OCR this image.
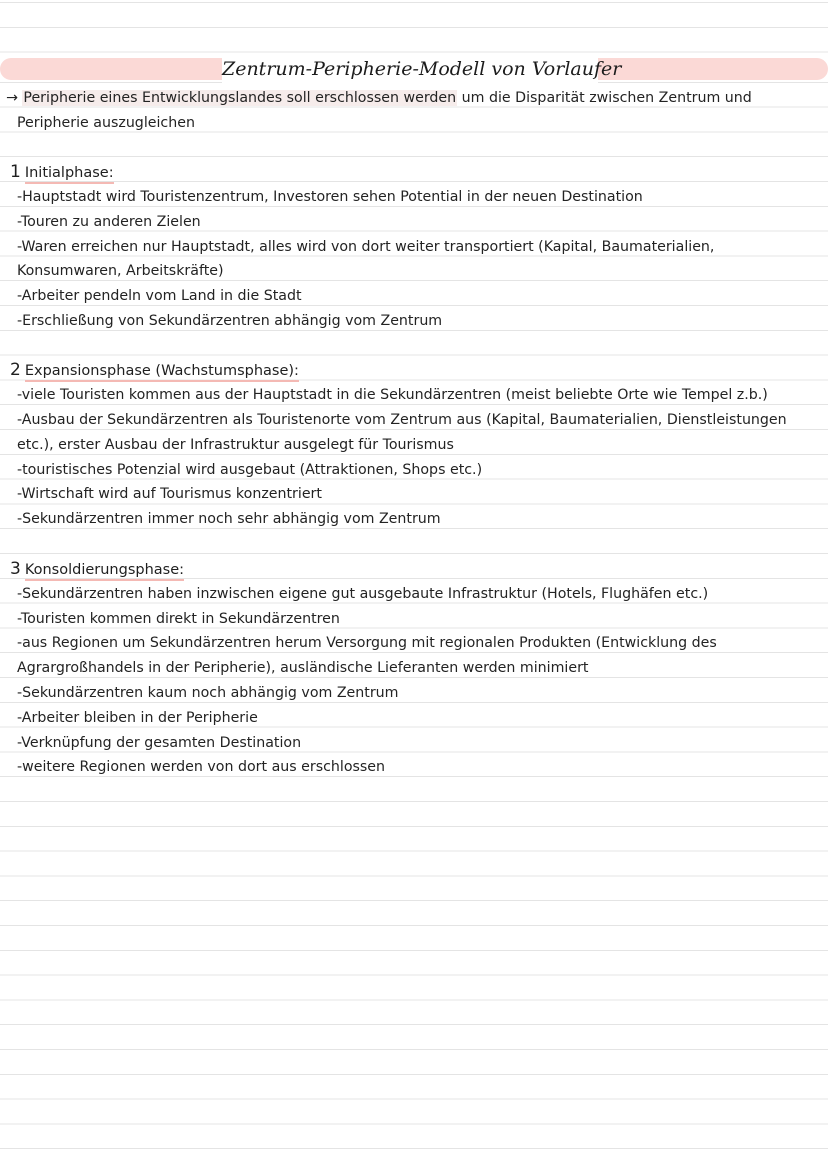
Zentrum-Peripherie-Modell von Vorlaufer
→ Peripherie eines Entwicklungslandes soll erschlossen werden um die Disparität zwischen Zentrum und
Peripherie auszugleichen
1 Initialphase:
-Hauptstadt wird Touristenzentrum, Investoren sehen Potential in der neuen Destination
-Touren zu anderen Zielen
-Waren erreichen nur Hauptstadt, alles wird von dort weiter transportiert (Kapital, Baumaterialien,
Konsumwaren, Arbeitskräfte)
-Arbeiter pendeln vom Land in die Stadt
-Erschließung von Sekundärzentren abhängig vom Zentrum
2 Expansionsphase (Wachstumsphase):
-viele Touristen kommen aus der Hauptstadt in die Sekundärzentren (meist beliebte Orte wie Tempel z.b.)
-Ausbau der Sekundärzentren als Touristenorte vom Zentrum aus (Kapital, Baumaterialien, Dienstleistungen
etc.), erster Ausbau der Infrastruktur ausgelegt für Tourismus
-touristisches Potenzial wird ausgebaut (Attraktionen, Shops etc.)
-Wirtschaft wird auf Tourismus konzentriert
-Sekundärzentren immer noch sehr abhängig vom Zentrum
3 Konsoldierungsphase:
-Sekundärzentren haben inzwischen eigene gut ausgebaute Infrastruktur (Hotels, Flughäfen etc.)
-Touristen kommen direkt in Sekundärzentren
-aus Regionen um Sekundärzentren herum Versorgung mit regionalen Produkten (Entwicklung des
Agrargroßhandels in der Peripherie), ausländische Lieferanten werden minimiert
-Sekundärzentren kaum noch abhängig vom Zentrum
-Arbeiter bleiben in der Peripherie
-Verknüpfung der gesamten Destination
-weitere Regionen werden von dort aus erschlossen
